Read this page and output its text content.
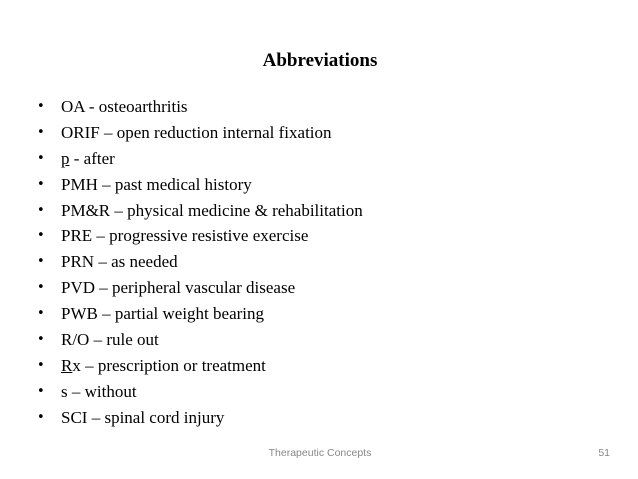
Abbreviations
• OA - osteoarthritis
• ORIF – open reduction internal fixation
• p - after
• PMH – past medical history
• PM&R – physical medicine & rehabilitation
• PRE – progressive resistive exercise
• PRN – as needed
• PVD – peripheral vascular disease
• PWB – partial weight bearing
• R/O – rule out
• Rx – prescription or treatment
• s – without
• SCI – spinal cord injury
Therapeutic Concepts	51
